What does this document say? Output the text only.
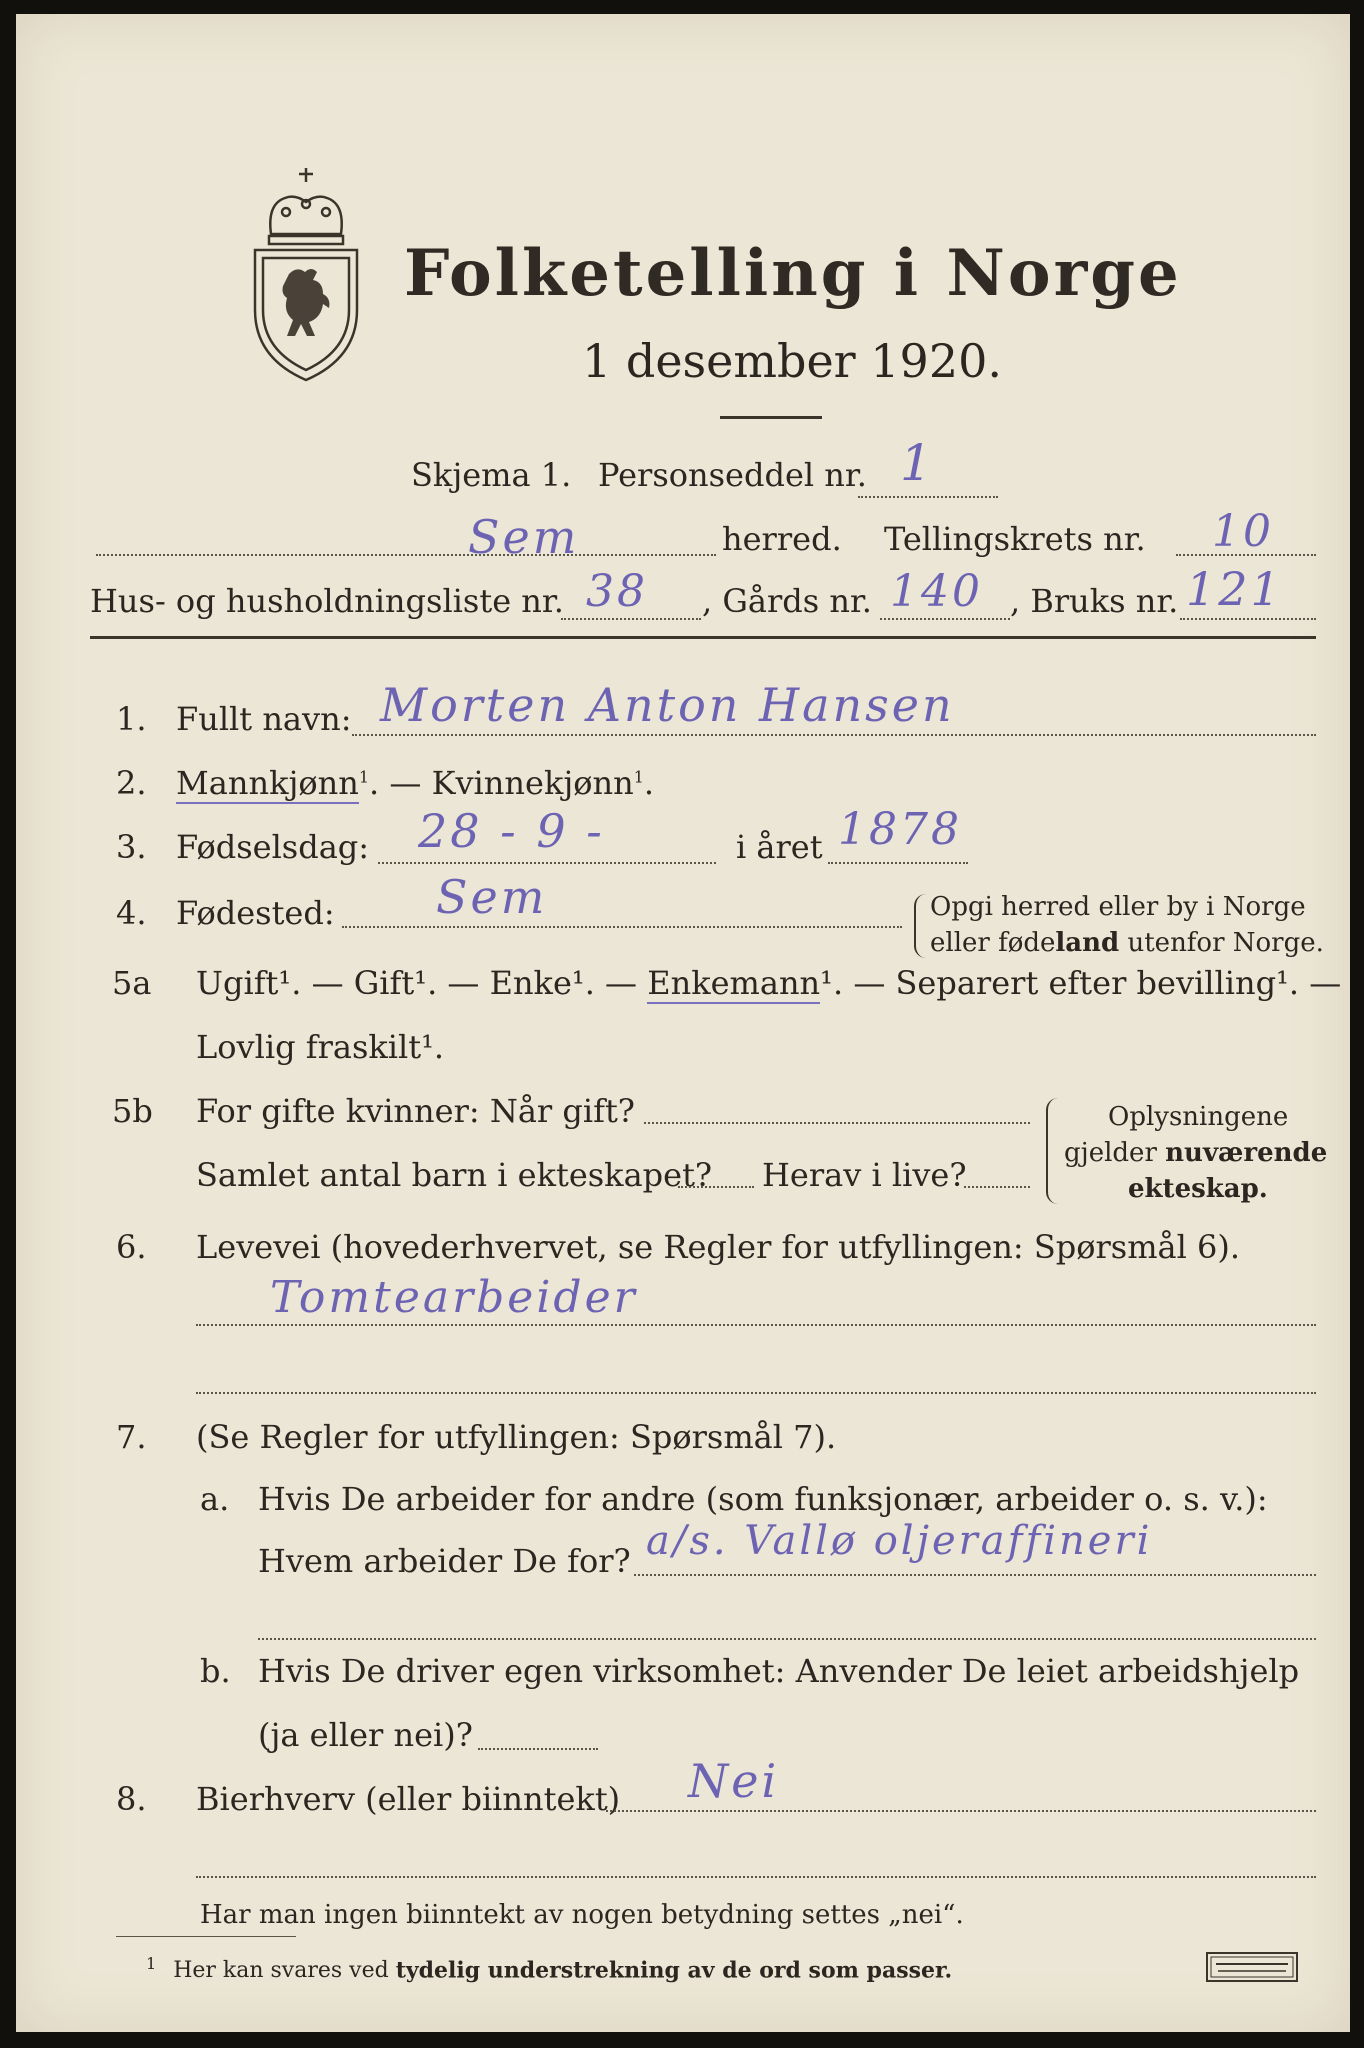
Folketelling i Norge
1 desember 1920.
Skjema 1. Personseddel nr. 1
Sem	herred. Tellingskrets nr. 10
Hus- og husholdningsliste nr. 38 , Gårds nr. 140 , Bruks nr. 121
1. Fullt navn: Morten Anton Hansen
2. Mannkjønn$^1$. — Kvinnekjønn$^1$.
3. Fødselsdag: 28 - 9 -	i året 1878
4. Fødested: Sem	Opgi herred eller by i Norge
eller fødeland utenfor Norge.
5a Ugift¹. — Gift¹. — Enke¹. — Enkemann¹. — Separert efter bevilling¹. —
Lovlig fraskilt¹.
5b For gifte kvinner: Når gift?
Samlet antal barn i ekteskapet? Herav i live?
Oplysningene
gjelder nuværende
ekteskap.
6. Levevei (hovederhvervet, se Regler for utfyllingen: Spørsmål 6).
Tomtearbeider
7. (Se Regler for utfyllingen: Spørsmål 7).
a. Hvis De arbeider for andre (som funksjonær, arbeider o. s. v.):
Hvem arbeider De for? a/s. Vallø oljeraffineri
b. Hvis De driver egen virksomhet: Anvender De leiet arbeidshjelp
(ja eller nei)?
8. Bierhverv (eller biinntekt) Nei
Har man ingen biinntekt av nogen betydning settes „nei“.
$^1$ Her kan svares ved tydelig understrekning av de ord som passer.
